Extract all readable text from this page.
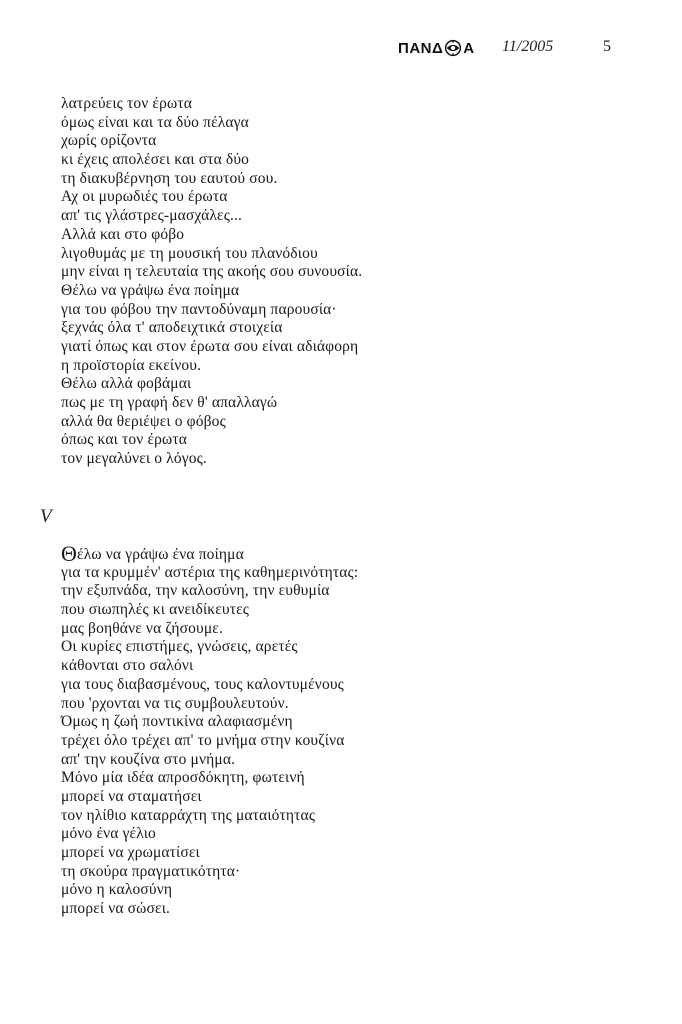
ΠΑΝΔ Α 11/2005	5
λατρεύεις τον έρωτα
όμως είναι και τα δύο πέλαγα
χωρίς ορίζοντα
κι έχεις απολέσει και στα δύο
τη διακυβέρνηση του εαυτού σου.
Αχ οι μυρωδιές του έρωτα
απ' τις γλάστρες-μασχάλες...
Αλλά και στο φόβο
λιγοθυμάς με τη μουσική του πλανόδιου
μην είναι η τελευταία της ακοής σου συνουσία.
Θέλω να γράψω ένα ποίημα
για του φόβου την παντοδύναμη παρουσία·
ξεχνάς όλα τ' αποδειχτικά στοιχεία
γιατί όπως και στον έρωτα σου είναι αδιάφορη
η προϊστορία εκείνου.
Θέλω αλλά φοβάμαι
πως με τη γραφή δεν θ' απαλλαγώ
αλλά θα θεριέψει ο φόβος
όπως και τον έρωτα
τον μεγαλύνει ο λόγος.
V
Θέλω να γράψω ένα ποίημα
για τα κρυμμέν' αστέρια της καθημερινότητας:
την εξυπνάδα, την καλοσύνη, την ευθυμία
που σιωπηλές κι ανειδίκευτες
μας βοηθάνε να ζήσουμε.
Οι κυρίες επιστήμες, γνώσεις, αρετές
κάθονται στο σαλόνι
για τους διαβασμένους, τους καλοντυμένους
που 'ρχονται να τις συμβουλευτούν.
Όμως η ζωή ποντικίνα αλαφιασμένη
τρέχει όλο τρέχει απ' το μνήμα στην κουζίνα
απ' την κουζίνα στο μνήμα.
Μόνο μία ιδέα απροσδόκητη, φωτεινή
μπορεί να σταματήσει
τον ηλίθιο καταρράχτη της ματαιότητας
μόνο ένα γέλιο
μπορεί να χρωματίσει
τη σκούρα πραγματικότητα·
μόνο η καλοσύνη
μπορεί να σώσει.
